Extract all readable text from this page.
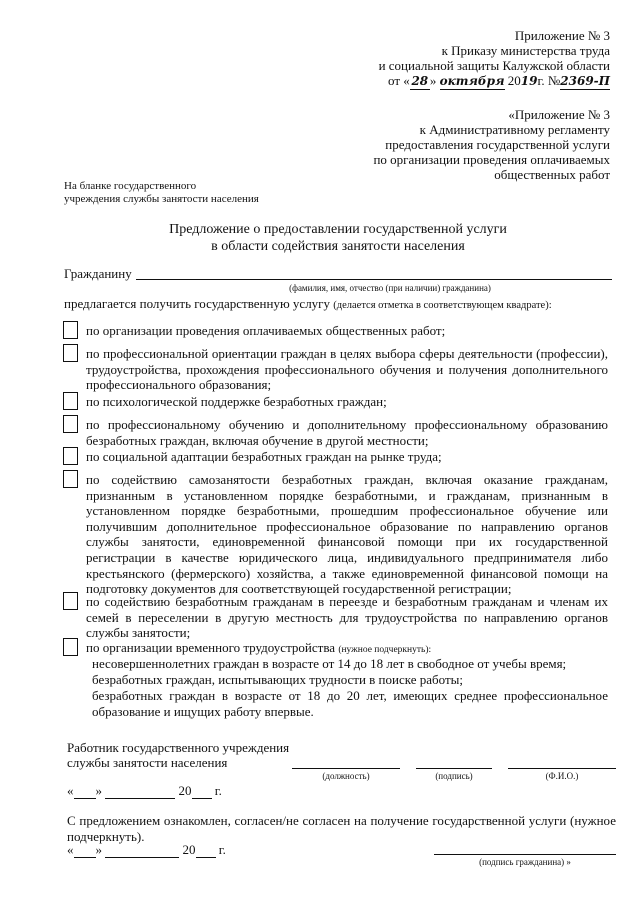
Приложение № 3
к Приказу министерства труда
и социальной защиты Калужской области
от « 28 » октября 2019г. №2369-П
«Приложение № 3
к Административному регламенту
предоставления государственной услуги
по организации проведения оплачиваемых
общественных работ
На бланке государственного
учреждения службы занятости населения
Предложение о предоставлении государственной услуги
в области содействия занятости населения
Гражданину
(фамилия, имя, отчество (при наличии) гражданина)
предлагается получить государственную услугу (делается отметка в соответствующем квадрате):
по организации проведения оплачиваемых общественных работ;
по профессиональной ориентации граждан в целях выбора сферы деятельности (профессии), трудоустройства, прохождения профессионального обучения и получения дополнительного профессионального образования;
по психологической поддержке безработных граждан;
по профессиональному обучению и дополнительному профессиональному образованию безработных граждан, включая обучение в другой местности;
по социальной адаптации безработных граждан на рынке труда;
по содействию самозанятости безработных граждан, включая оказание гражданам, признанным в установленном порядке безработными, и гражданам, признанным в установленном порядке безработными, прошедшим профессиональное обучение или получившим дополнительное профессиональное образование по направлению органов службы занятости, единовременной финансовой помощи при их государственной регистрации в качестве юридического лица, индивидуального предпринимателя либо крестьянского (фермерского) хозяйства, а также единовременной финансовой помощи на подготовку документов для соответствующей государственной регистрации;
по содействию безработным гражданам в переезде и безработным гражданам и членам их семей в переселении в другую местность для трудоустройства по направлению органов службы занятости;
по организации временного трудоустройства (нужное подчеркнуть):
несовершеннолетних граждан в возрасте от 14 до 18 лет в свободное от учебы время;
безработных граждан, испытывающих трудности в поиске работы;
безработных граждан в возрасте от 18 до 20 лет, имеющих среднее профессиональное образование и ищущих работу впервые.
Работник государственного учреждения
службы занятости населения
(должность)	(подпись)	(Ф.И.О.)
« »	20 г.
С предложением ознакомлен, согласен/не согласен на получение государственной услуги (нужное подчеркнуть).
« »	20 г.
(подпись гражданина) »
